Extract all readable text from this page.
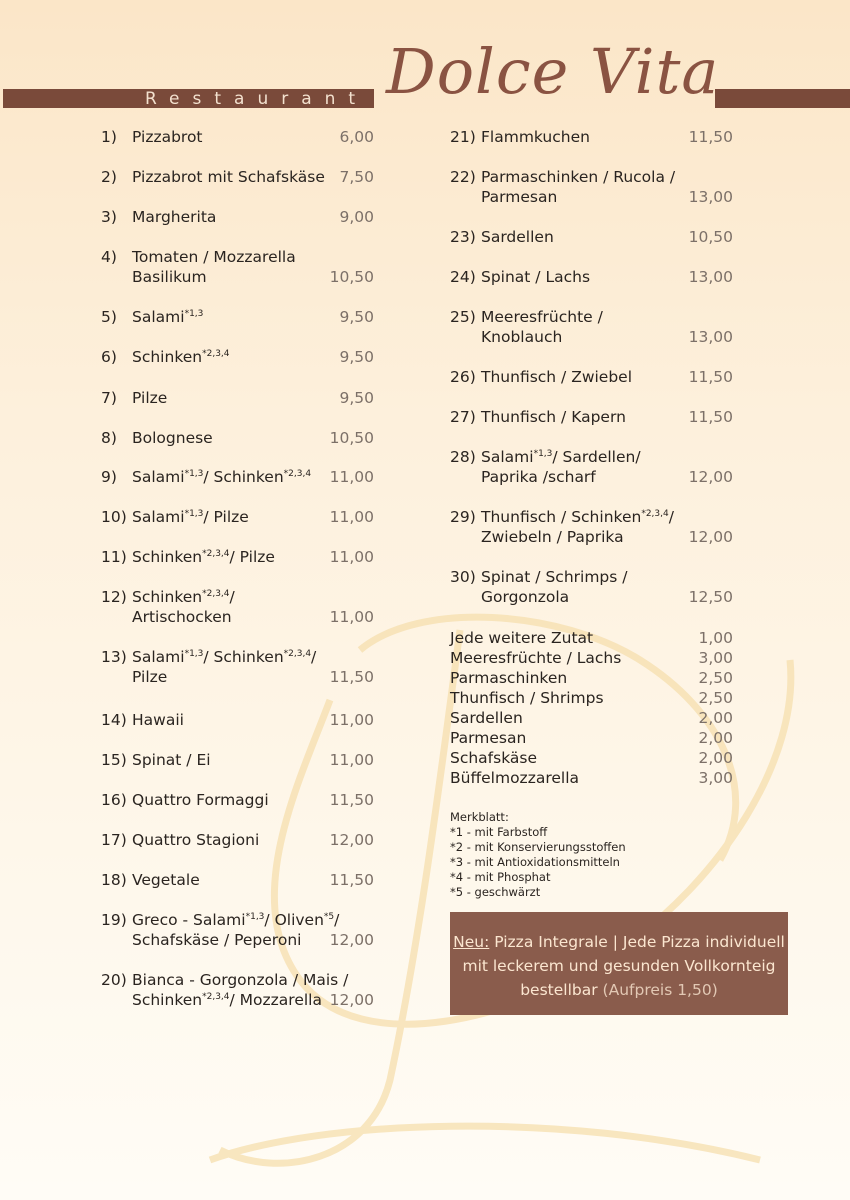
Restaurant Dolce Vita
1) Pizzabrot	6,00
2) Pizzabrot mit Schafskäse 7,50
3) Margherita	9,00
4) Tomaten / Mozzarella
Basilikum	10,50
5) Salami$^{*1,3}$	9,50
6) Schinken$^{*2,3,4}$	9,50
7) Pilze	9,50
8) Bolognese	10,50
9) Salami$^{*1,3}$/ Schinken$^{*2,3,4}$ 11,00
10) Salami$^{*1,3}$/ Pilze	11,00
11) Schinken$^{*2,3,4}$/ Pilze	11,00
12) Schinken$^{*2,3,4}$/
Artischocken	11,00
13) Salami$^{*1,3}$/ Schinken$^{*2,3,4}$/
Pilze	11,50
14) Hawaii	11,00
15) Spinat / Ei	11,00
16) Quattro Formaggi	11,50
17) Quattro Stagioni	12,00
18) Vegetale	11,50
19) Greco - Salami$^{*1,3}$/ Oliven$^{*5}$/
Schafskäse / Peperoni 12,00
20) Bianca - Gorgonzola / Mais /
Schinken$^{*2,3,4}$/ Mozzarella 12,00
21) Flammkuchen	11,50
22) Parmaschinken / Rucola /
Parmesan	13,00
23) Sardellen	10,50
24) Spinat / Lachs	13,00
25) Meeresfrüchte /
Knoblauch	13,00
26) Thunfisch / Zwiebel	11,50
27) Thunfisch / Kapern	11,50
28) Salami$^{*1,3}$/ Sardellen/
Paprika /scharf	12,00
29) Thunfisch / Schinken$^{*2,3,4}$/
Zwiebeln / Paprika	12,00
30) Spinat / Schrimps /
Gorgonzola	12,50
Jede weitere Zutat	1,00
Meeresfrüchte / Lachs	3,00
Parmaschinken	2,50
Thunfisch / Shrimps	2,50
Sardellen	2,00
Parmesan	2,00
Schafskäse	2,00
Büffelmozzarella	3,00
Merkblatt:
*1 - mit Farbstoff
*2 - mit Konservierungsstoffen
*3 - mit Antioxidationsmitteln
*4 - mit Phosphat
*5 - geschwärzt
Neu: Pizza Integrale | Jede Pizza individuell
mit leckerem und gesunden Vollkornteig
bestellbar (Aufpreis 1,50)
